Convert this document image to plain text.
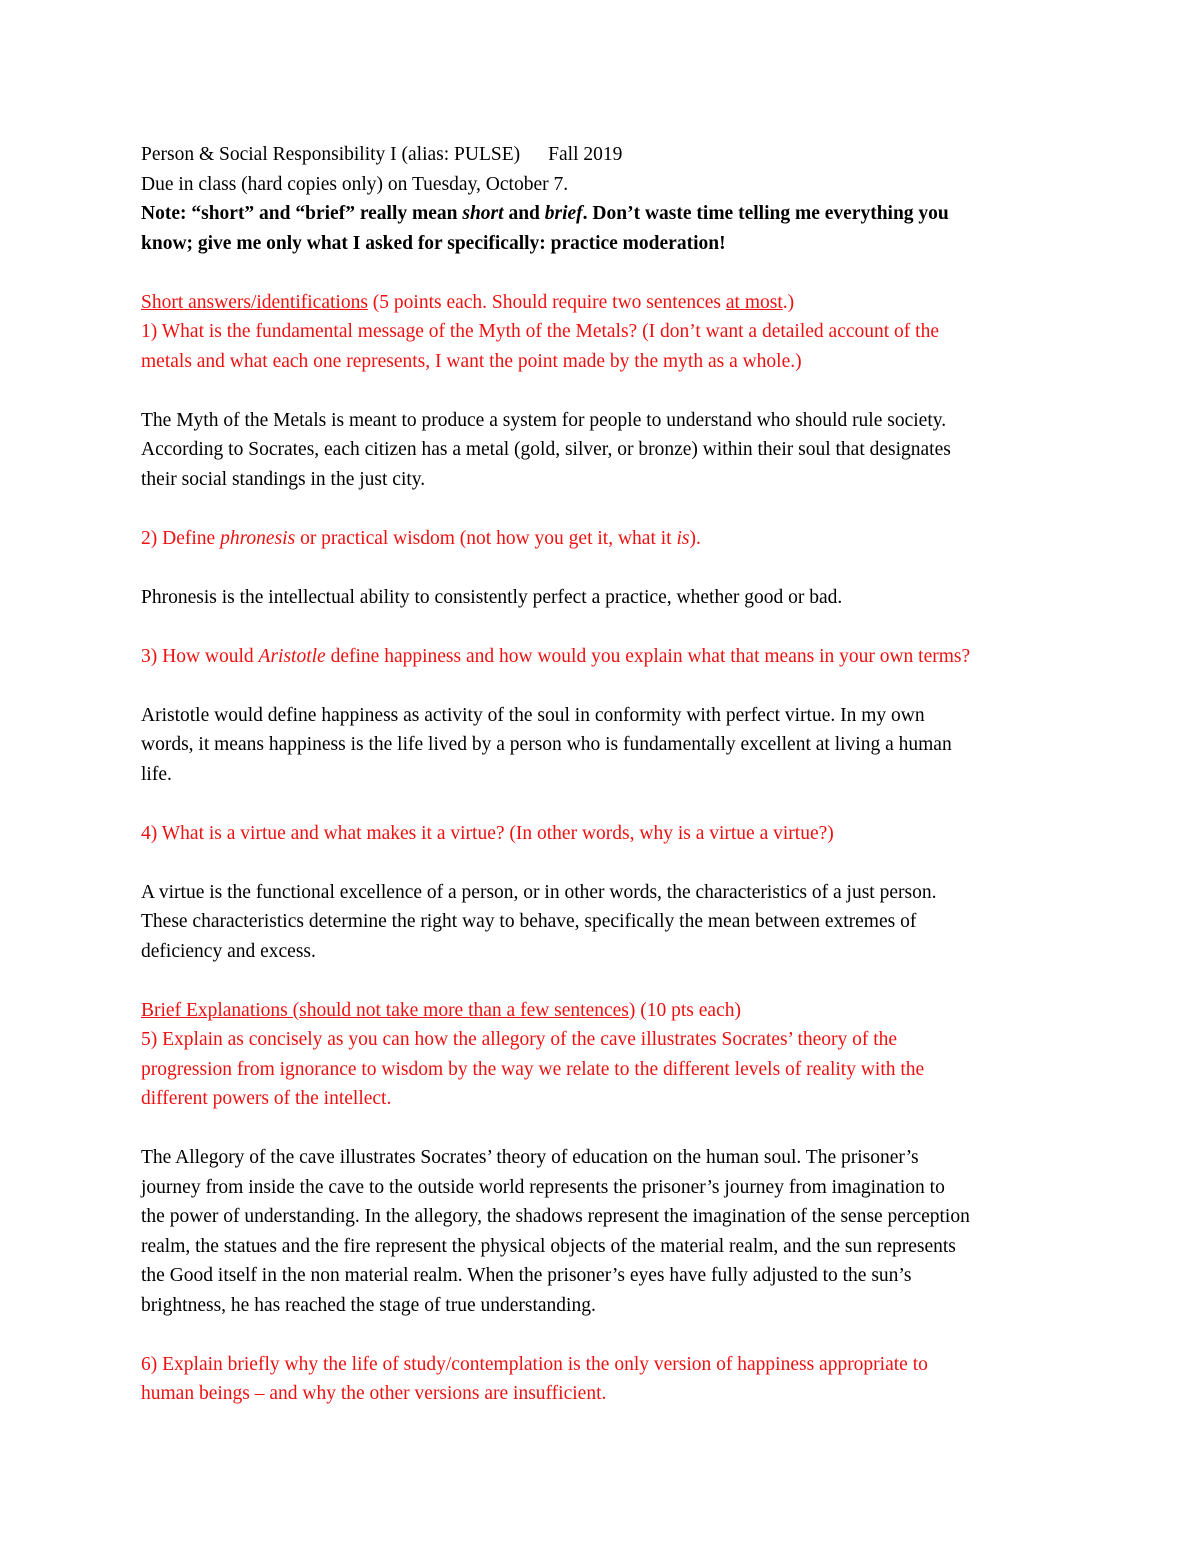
Person & Social Responsibility I (alias: PULSE) Fall 2019
Due in class (hard copies only) on Tuesday, October 7.
Note: “short” and “brief” really mean short and brief. Don’t waste time telling me everything you
know; give me only what I asked for specifically: practice moderation!
Short answers/identifications (5 points each. Should require two sentences at most.)
1) What is the fundamental message of the Myth of the Metals? (I don’t want a detailed account of the
metals and what each one represents, I want the point made by the myth as a whole.)
The Myth of the Metals is meant to produce a system for people to understand who should rule society.
According to Socrates, each citizen has a metal (gold, silver, or bronze) within their soul that designates
their social standings in the just city.
2) Define phronesis or practical wisdom (not how you get it, what it is).
Phronesis is the intellectual ability to consistently perfect a practice, whether good or bad.
3) How would Aristotle define happiness and how would you explain what that means in your own terms?
Aristotle would define happiness as activity of the soul in conformity with perfect virtue. In my own
words, it means happiness is the life lived by a person who is fundamentally excellent at living a human
life.
4) What is a virtue and what makes it a virtue? (In other words, why is a virtue a virtue?)
A virtue is the functional excellence of a person, or in other words, the characteristics of a just person.
These characteristics determine the right way to behave, specifically the mean between extremes of
deficiency and excess.
Brief Explanations (should not take more than a few sentences) (10 pts each)
5) Explain as concisely as you can how the allegory of the cave illustrates Socrates’ theory of the
progression from ignorance to wisdom by the way we relate to the different levels of reality with the
different powers of the intellect.
The Allegory of the cave illustrates Socrates’ theory of education on the human soul. The prisoner’s
journey from inside the cave to the outside world represents the prisoner’s journey from imagination to
the power of understanding. In the allegory, the shadows represent the imagination of the sense perception
realm, the statues and the fire represent the physical objects of the material realm, and the sun represents
the Good itself in the non material realm. When the prisoner’s eyes have fully adjusted to the sun’s
brightness, he has reached the stage of true understanding.
6) Explain briefly why the life of study/contemplation is the only version of happiness appropriate to
human beings – and why the other versions are insufficient.
